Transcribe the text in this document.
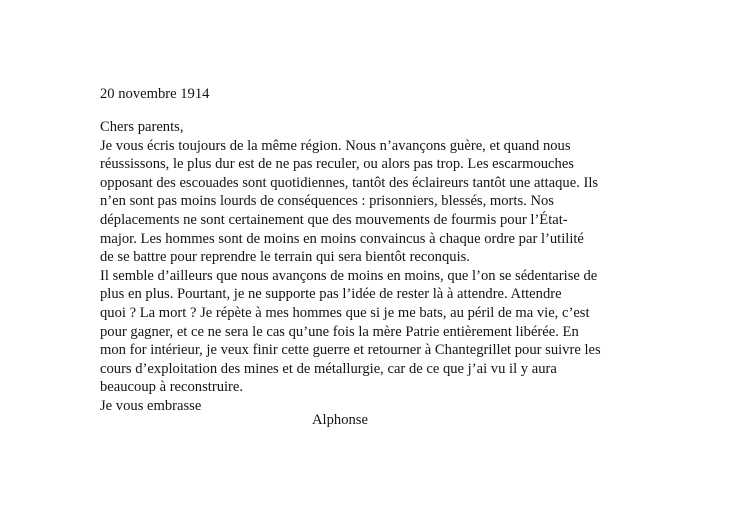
20 novembre 1914

Chers parents,
Je vous écris toujours de la même région. Nous n’avançons guère, et quand nous
réussissons, le plus dur est de ne pas reculer, ou alors pas trop. Les escarmouches
opposant des escouades sont quotidiennes, tantôt des éclaireurs tantôt une attaque. Ils
n’en sont pas moins lourds de conséquences : prisonniers, blessés, morts. Nos
déplacements ne sont certainement que des mouvements de fourmis pour l’État-
major. Les hommes sont de moins en moins convaincus à chaque ordre par l’utilité
de se battre pour reprendre le terrain qui sera bientôt reconquis.
Il semble d’ailleurs que nous avançons de moins en moins, que l’on se sédentarise de
plus en plus. Pourtant, je ne supporte pas l’idée de rester là à attendre. Attendre
quoi ? La mort ? Je répète à mes hommes que si je me bats, au péril de ma vie, c’est
pour gagner, et ce ne sera le cas qu’une fois la mère Patrie entièrement libérée. En
mon for intérieur, je veux finir cette guerre et retourner à Chantegrillet pour suivre les
cours d’exploitation des mines et de métallurgie, car de ce que j’ai vu il y aura
beaucoup à reconstruire.
Je vous embrasse

Alphonse
